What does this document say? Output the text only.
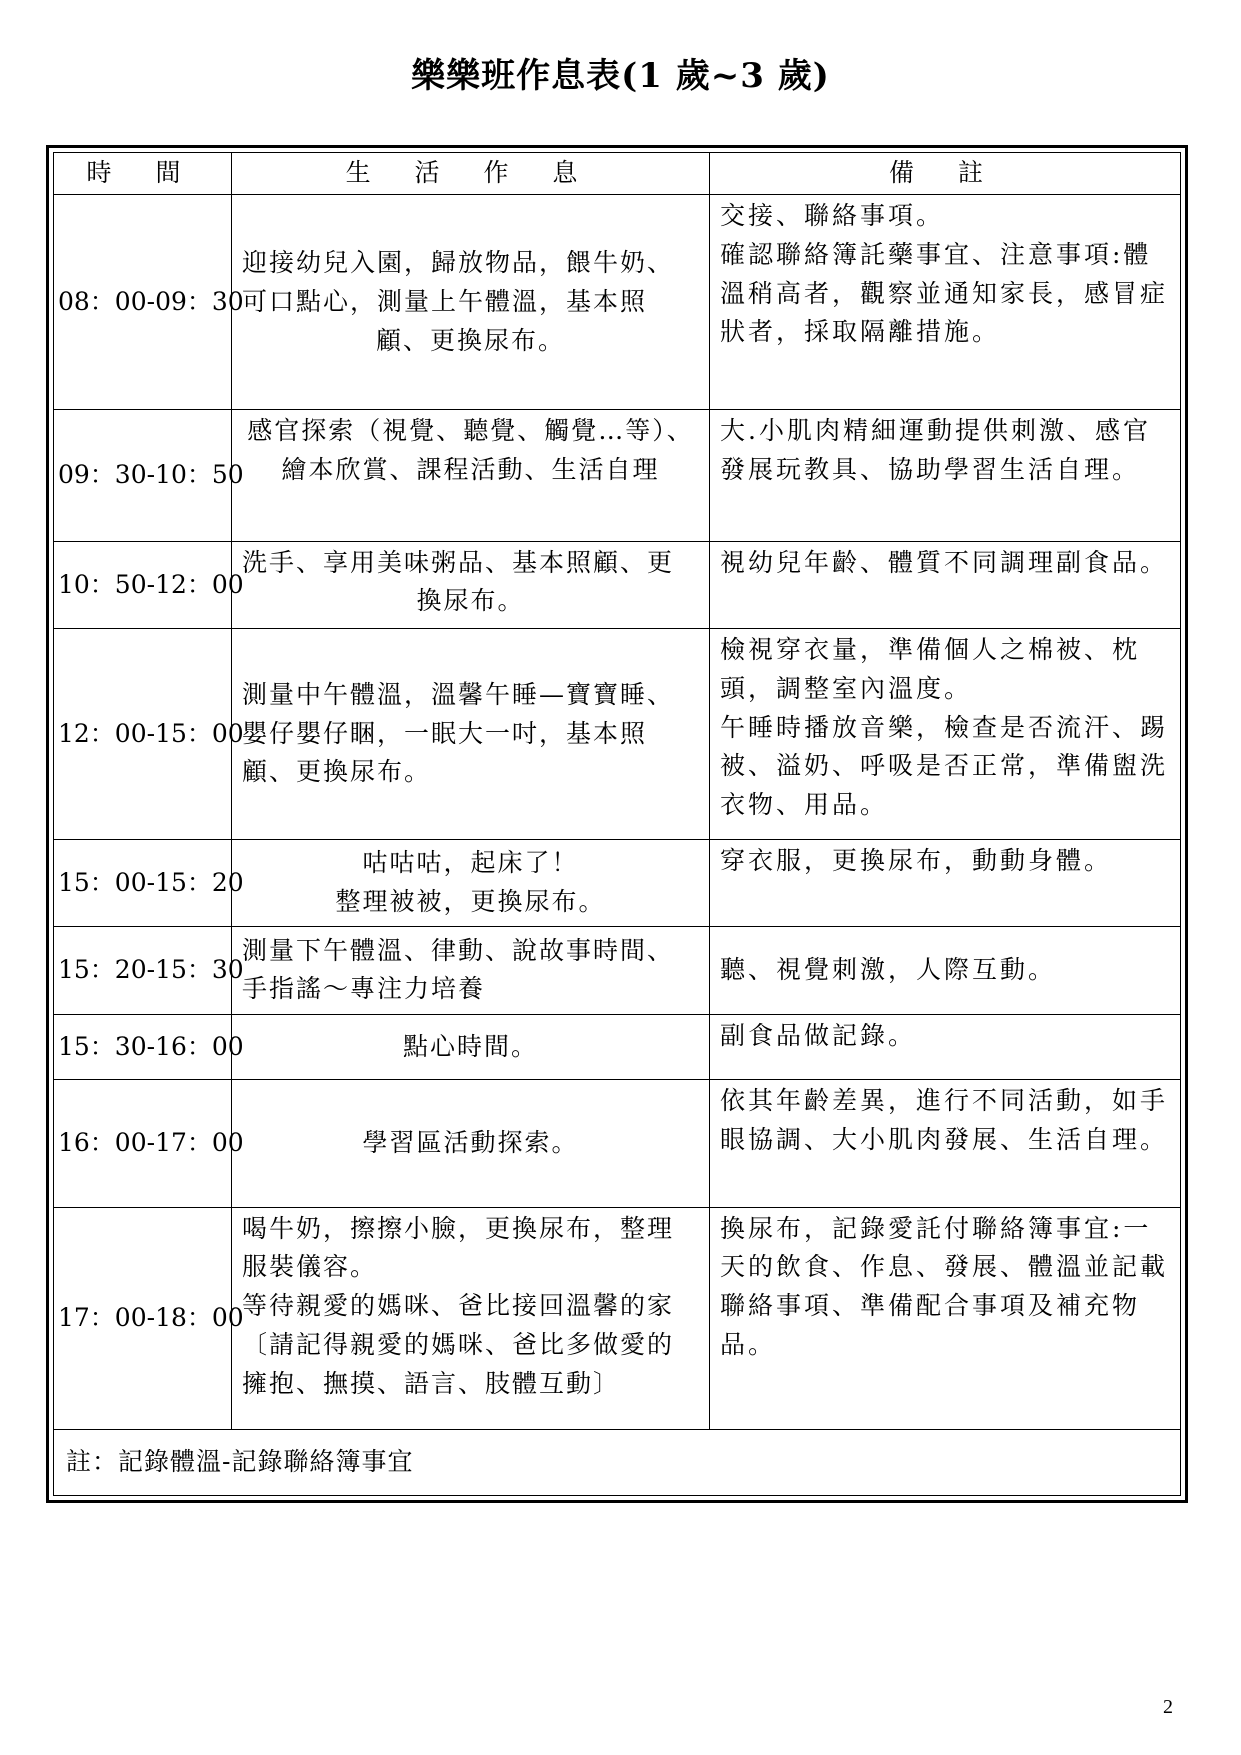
樂樂班作息表(1 歲~3 歲)
時 間	生 活 作 息	備 註
08：00-09：30	迎接幼兒入園，歸放物品，餵牛奶、可口點心，測量上午體溫，基本照顧、更換尿布。	交接、聯絡事項。
確認聯絡簿託藥事宜、注意事項:體溫稍高者，觀察並通知家長，感冒症狀者，採取隔離措施。

09：30-10：50	感官探索（視覺、聽覺、觸覺…等）、繪本欣賞、課程活動、生活自理	大.小肌肉精細運動提供刺激、感官發展玩教具、協助學習生活自理。
10：50-12：00	洗手、享用美味粥品、基本照顧、更換尿布。	視幼兒年齡、體質不同調理副食品。
12：00-15：00	測量中午體溫，溫馨午睡—寶寶睡、嬰仔嬰仔睏，一眠大一吋，基本照顧、更換尿布。	檢視穿衣量，準備個人之棉被、枕頭，調整室內溫度。
午睡時播放音樂，檢查是否流汗、踢被、溢奶、呼吸是否正常，準備盥洗衣物、用品。

15：00-15：20	咕咕咕，起床了！
整理被被，更換尿布。	穿衣服，更換尿布，動動身體。
15：20-15：30	測量下午體溫、律動、說故事時間、手指謠～專注力培養	聽、視覺刺激，人際互動。
15：30-16：00	點心時間。	副食品做記錄。
16：00-17：00	學習區活動探索。	依其年齡差異，進行不同活動，如手眼協調、大小肌肉發展、生活自理。
17：00-18：00	喝牛奶，擦擦小臉，更換尿布，整理服裝儀容。
等待親愛的媽咪、爸比接回溫馨的家〔請記得親愛的媽咪、爸比多做愛的擁抱、撫摸、語言、肢體互動〕	換尿布，記錄愛託付聯絡簿事宜:一天的飲食、作息、發展、體溫並記載聯絡事項、準備配合事項及補充物品。
註：記錄體溫-記錄聯絡簿事宜		
2
